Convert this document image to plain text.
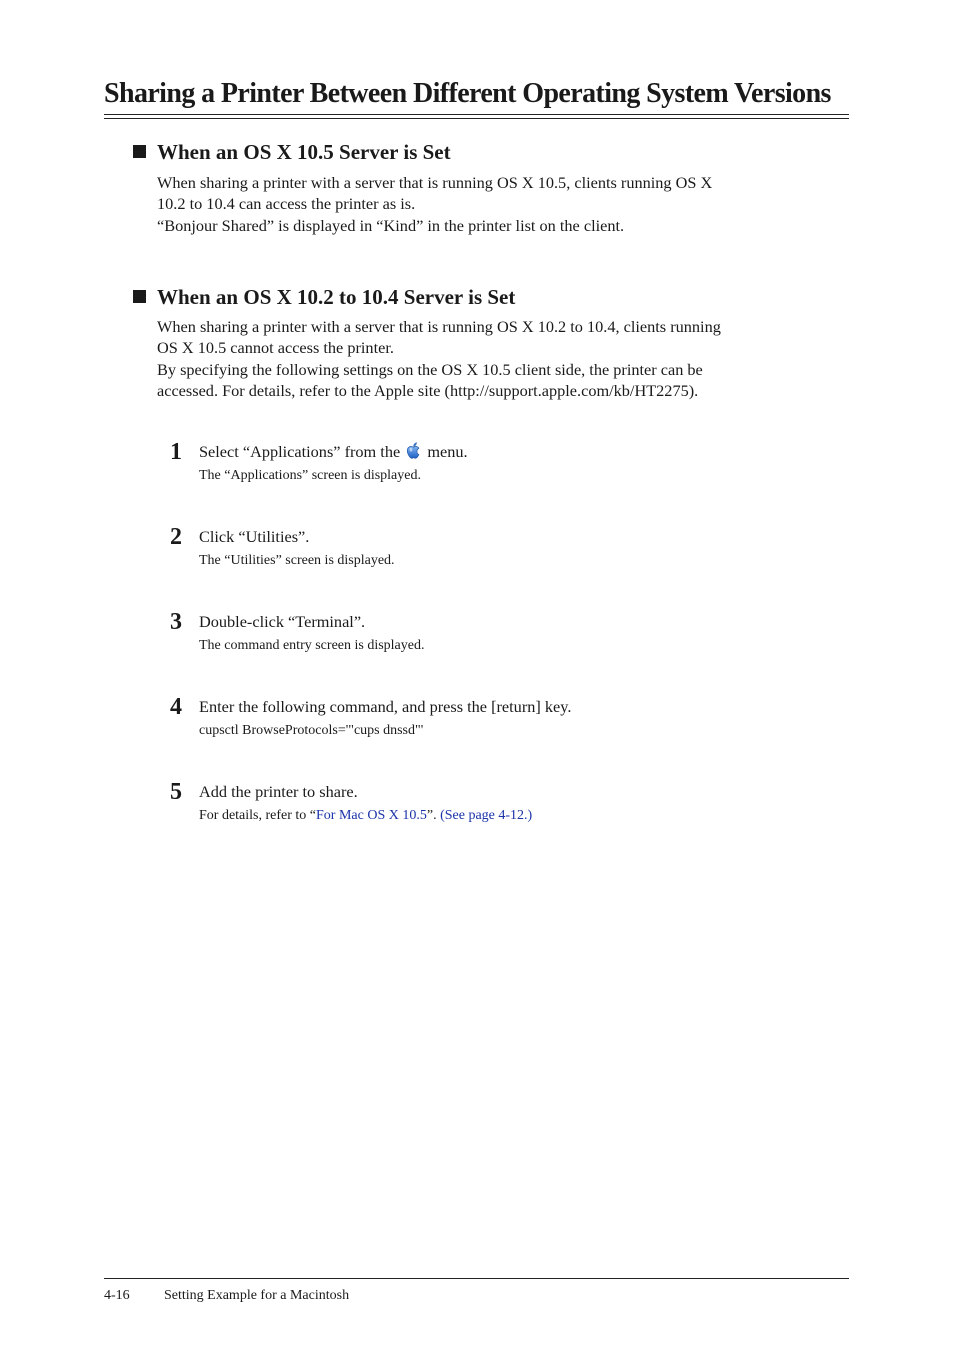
Sharing a Printer Between Different Operating System Versions
When an OS X 10.5 Server is Set

When sharing a printer with a server that is running OS X 10.5, clients running OS X

10.2 to 10.4 can access the printer as is.

“Bonjour Shared” is displayed in “Kind” in the printer list on the client.

When an OS X 10.2 to 10.4 Server is Set

When sharing a printer with a server that is running OS X 10.2 to 10.4, clients running

OS X 10.5 cannot access the printer.

By specifying the following settings on the OS X 10.5 client side, the printer can be

accessed. For details, refer to the Apple site (http://support.apple.com/kb/HT2275).

1 Select “Applications” from the menu.
The “Applications” screen is displayed.
2 Click “Utilities”.
The “Utilities” screen is displayed.
3 Double-click “Terminal”.
The command entry screen is displayed.
4 Enter the following command, and press the [return] key.
cupsctl BrowseProtocols='"cups dnssd"'
5 Add the printer to share.
For details, refer to “For Mac OS X 10.5”. (See page 4-12.)
4-16 Setting Example for a Macintosh
